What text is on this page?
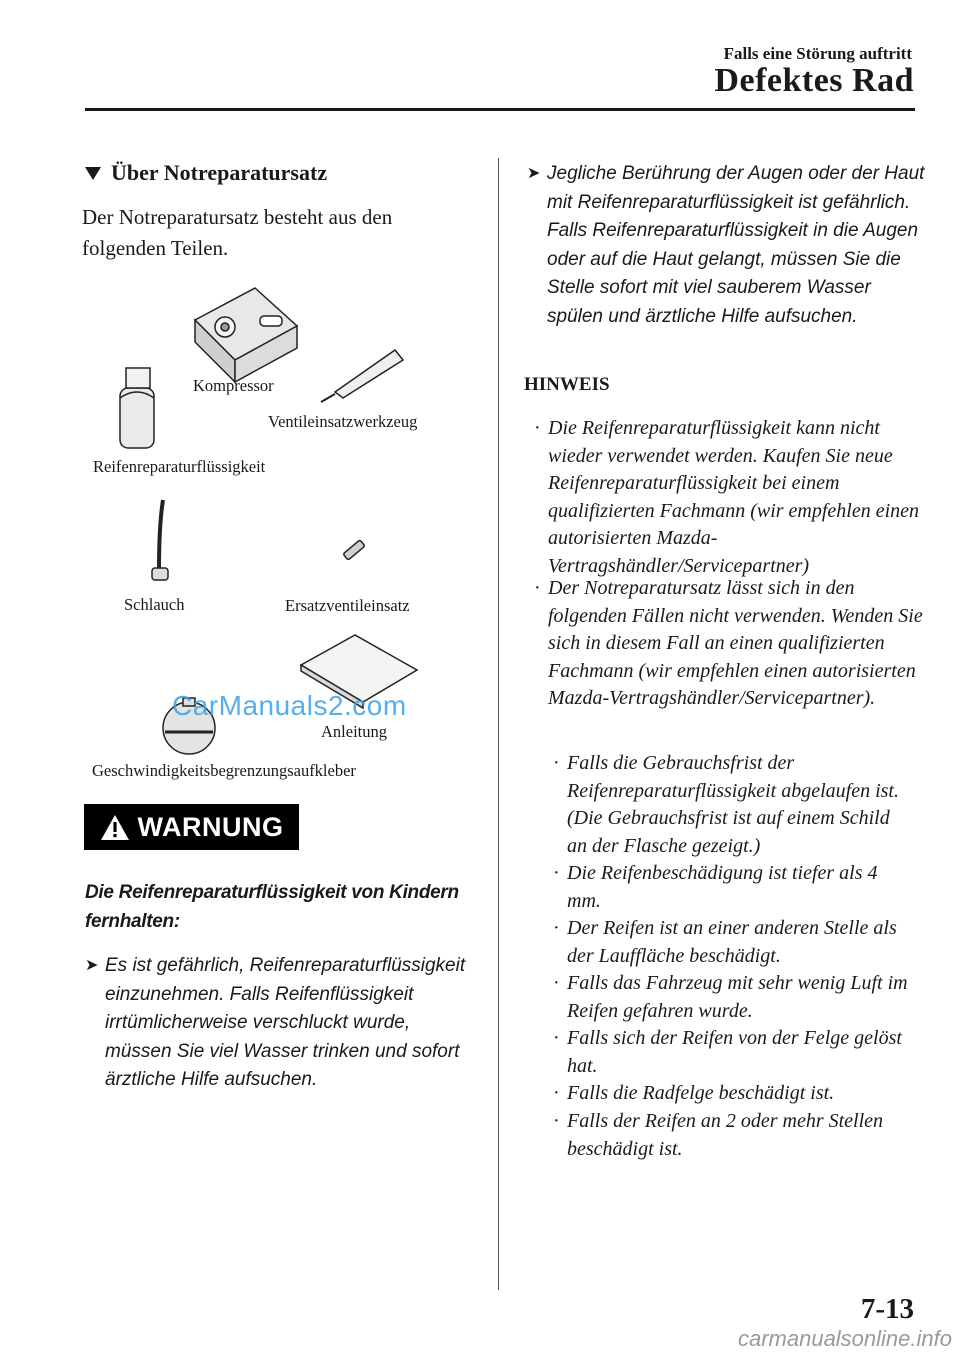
Falls eine Störung auftritt
Defektes Rad
Über Notreparatursatz
Der Notreparatursatz besteht aus den folgenden Teilen.
Kompressor
Ventileinsatzwerkzeug
Reifenreparaturflüssigkeit
Schlauch	Ersatzventileinsatz
Anleitung
Geschwindigkeitsbegrenzungsaufkleber
CarManuals2.com
WARNUNG
Die Reifenreparaturflüssigkeit von Kindern fernhalten:
➤ Es ist gefährlich, Reifenreparaturflüssigkeit einzunehmen. Falls Reifenflüssigkeit irrtümlicherweise verschluckt wurde, müssen Sie viel Wasser trinken und sofort ärztliche Hilfe aufsuchen.
➤ Jegliche Berührung der Augen oder der Haut mit Reifenreparaturflüssigkeit ist gefährlich. Falls Reifenreparaturflüssigkeit in die Augen oder auf die Haut gelangt, müssen Sie die Stelle sofort mit viel sauberem Wasser spülen und ärztliche Hilfe aufsuchen.
HINWEIS
· Die Reifenreparaturflüssigkeit kann nicht wieder verwendet werden. Kaufen Sie neue Reifenreparaturflüssigkeit bei einem qualifizierten Fachmann (wir empfehlen einen autorisierten Mazda-Vertragshändler/Servicepartner)
· Der Notreparatursatz lässt sich in den folgenden Fällen nicht verwenden. Wenden Sie sich in diesem Fall an einen qualifizierten Fachmann (wir empfehlen einen autorisierten Mazda-Vertragshändler/Servicepartner).
· Falls die Gebrauchsfrist der Reifenreparaturflüssigkeit abgelaufen ist. (Die Gebrauchsfrist ist auf einem Schild an der Flasche gezeigt.)
· Die Reifenbeschädigung ist tiefer als 4 mm.
· Der Reifen ist an einer anderen Stelle als der Lauffläche beschädigt.
· Falls das Fahrzeug mit sehr wenig Luft im Reifen gefahren wurde.
· Falls sich der Reifen von der Felge gelöst hat.
· Falls die Radfelge beschädigt ist.
· Falls der Reifen an 2 oder mehr Stellen beschädigt ist.
7-13
carmanualsonline.info
